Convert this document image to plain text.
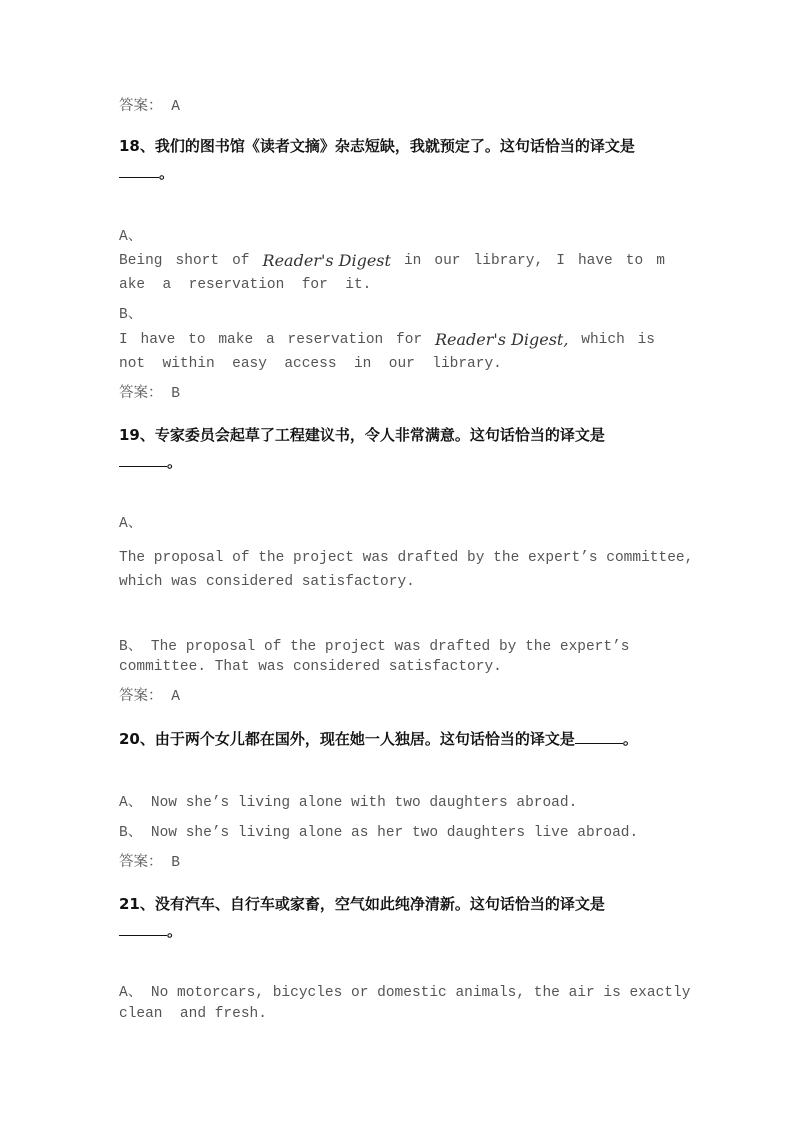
答案： A
18、我们的图书馆《读者文摘》杂志短缺，我就预定了。这句话恰当的译文是
。
A、
Being short of Reader's Digest in our library, I have to m
ake  a  reservation  for  it.
B、
I have to make a reservation for Reader's Digest, which is
not  within  easy  access  in  our  library.
答案： B
19、专家委员会起草了工程建议书，令人非常满意。这句话恰当的译文是
。
A、
The proposal of the project was drafted by the expert’s committee,
which was considered satisfactory.
B、 The proposal of the project was drafted by the expert’s
committee. That was considered satisfactory.
答案： A
20、由于两个女儿都在国外，现在她一人独居。这句话恰当的译文是	。
A、 Now she’s living alone with two daughters abroad.
B、 Now she’s living alone as her two daughters live abroad.
答案： B
21、没有汽车、自行车或家畜，空气如此纯净清新。这句话恰当的译文是
。
A、 No motorcars, bicycles or domestic animals, the air is exactly
clean  and fresh.
